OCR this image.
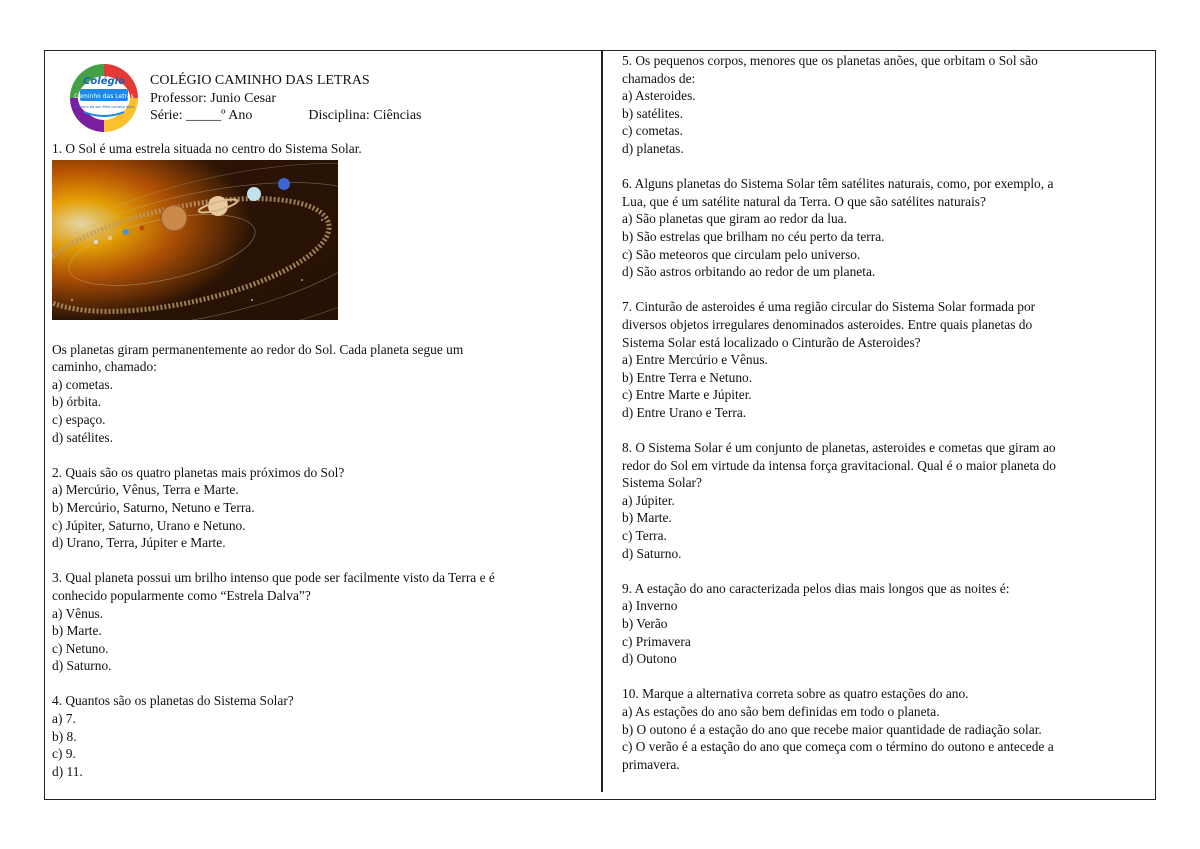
Colégio
Caminho das Letras
O futuro do seu filho começa aqui

COLÉGIO CAMINHO DAS LETRAS

Professor: Junio Cesar

Série: _____º Ano	Disciplina: Ciências

1. O Sol é uma estrela situada no centro do Sistema Solar.

Os planetas giram permanentemente ao redor do Sol. Cada planeta segue um

caminho, chamado:

a) cometas.

b) órbita.

c) espaço.

d) satélites.

2. Quais são os quatro planetas mais próximos do Sol?

a) Mercúrio, Vênus, Terra e Marte.

b) Mercúrio, Saturno, Netuno e Terra.

c) Júpiter, Saturno, Urano e Netuno.

d) Urano, Terra, Júpiter e Marte.

3. Qual planeta possui um brilho intenso que pode ser facilmente visto da Terra e é

conhecido popularmente como “Estrela Dalva”?

a) Vênus.

b) Marte.

c) Netuno.

d) Saturno.

4. Quantos são os planetas do Sistema Solar?

a) 7.

b) 8.

c) 9.

d) 11.

5. Os pequenos corpos, menores que os planetas anões, que orbitam o Sol são

chamados de:

a) Asteroides.

b) satélites.

c) cometas.

d) planetas.

6. Alguns planetas do Sistema Solar têm satélites naturais, como, por exemplo, a

Lua, que é um satélite natural da Terra. O que são satélites naturais?

a) São planetas que giram ao redor da lua.

b) São estrelas que brilham no céu perto da terra.

c) São meteoros que circulam pelo universo.

d) São astros orbitando ao redor de um planeta.

7. Cinturão de asteroides é uma região circular do Sistema Solar formada por

diversos objetos irregulares denominados asteroides. Entre quais planetas do

Sistema Solar está localizado o Cinturão de Asteroides?

a) Entre Mercúrio e Vênus.

b) Entre Terra e Netuno.

c) Entre Marte e Júpiter.

d) Entre Urano e Terra.

8. O Sistema Solar é um conjunto de planetas, asteroides e cometas que giram ao

redor do Sol em virtude da intensa força gravitacional. Qual é o maior planeta do

Sistema Solar?

a) Júpiter.

b) Marte.

c) Terra.

d) Saturno.

9. A estação do ano caracterizada pelos dias mais longos que as noites é:

a) Inverno

b) Verão

c) Primavera

d) Outono

10. Marque a alternativa correta sobre as quatro estações do ano.

a) As estações do ano são bem definidas em todo o planeta.

b) O outono é a estação do ano que recebe maior quantidade de radiação solar.

c) O verão é a estação do ano que começa com o término do outono e antecede a

primavera.
